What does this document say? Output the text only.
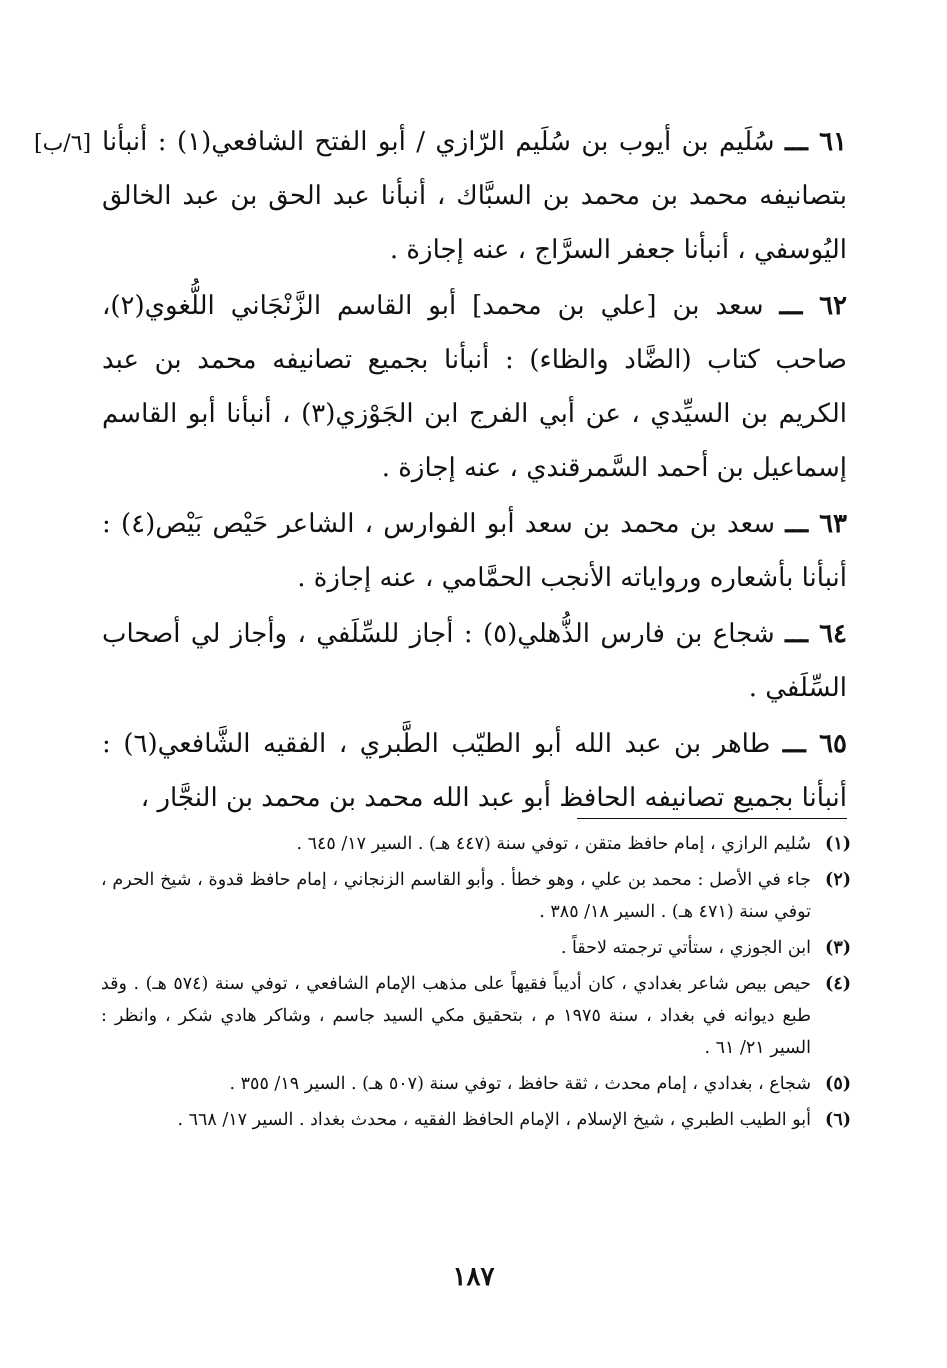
[٦/ب]	٦١ ـــ سُلَيم بن أيوب بن سُلَيم الرّازي / أبو الفتح الشافعي(١) : أنبأنا بتصانيفه محمد بن محمد بن السبَّاك ، أنبأنا عبد الحق بن عبد الخالق اليُوسفي ، أنبأنا جعفر السرَّاج ، عنه إجازة .

٦٢ ـــ سعد بن [علي بن محمد] أبو القاسم الزَّنْجَاني اللُّغوي(٢)، صاحب كتاب (الضَّاد والظاء) : أنبأنا بجميع تصانيفه محمد بن عبد الكريم بن السيِّدي ، عن أبي الفرج ابن الجَوْزي(٣) ، أنبأنا أبو القاسم إسماعيل بن أحمد السَّمرقندي ، عنه إجازة .

٦٣ ـــ سعد بن محمد بن سعد أبو الفوارس ، الشاعر حَيْص بَيْص(٤) : أنبأنا بأشعاره ورواياته الأنجب الحمَّامي ، عنه إجازة .

٦٤ ـــ شجاع بن فارس الذُّهلي(٥) : أجاز للسِّلَفي ، وأجاز لي أصحاب السِّلَفي .

٦٥ ـــ طاهر بن عبد الله أبو الطيّب الطَّبري ، الفقيه الشَّافعي(٦) : أنبأنا بجميع تصانيفه الحافظ أبو عبد الله محمد بن محمد بن النجَّار ،

(١)
سُليم الرازي ، إمام حافظ متقن ، توفي سنة (٤٤٧ هـ) . السير ١٧/ ٦٤٥ .
(٢)
جاء في الأصل : محمد بن علي ، وهو خطأ . وأبو القاسم الزنجاني ، إمام حافظ قدوة ، شيخ الحرم ، توفي سنة (٤٧١ هـ) . السير ١٨/ ٣٨٥ .
(٣)
ابن الجوزي ، ستأتي ترجمته لاحقاً .
(٤)
حيص بيص شاعر بغدادي ، كان أديباً فقيهاً على مذهب الإمام الشافعي ، توفي سنة (٥٧٤ هـ) . وقد طبع ديوانه في بغداد ، سنة ١٩٧٥ م ، بتحقيق مكي السيد جاسم ، وشاكر هادي شكر ، وانظر : السير ٢١/ ٦١ .
(٥)
شجاع ، بغدادي ، إمام محدث ، ثقة حافظ ، توفي سنة (٥٠٧ هـ) . السير ١٩/ ٣٥٥ .
(٦)
أبو الطيب الطبري ، شيخ الإسلام ، الإمام الحافظ الفقيه ، محدث بغداد . السير ١٧/ ٦٦٨ .
١٨٧
